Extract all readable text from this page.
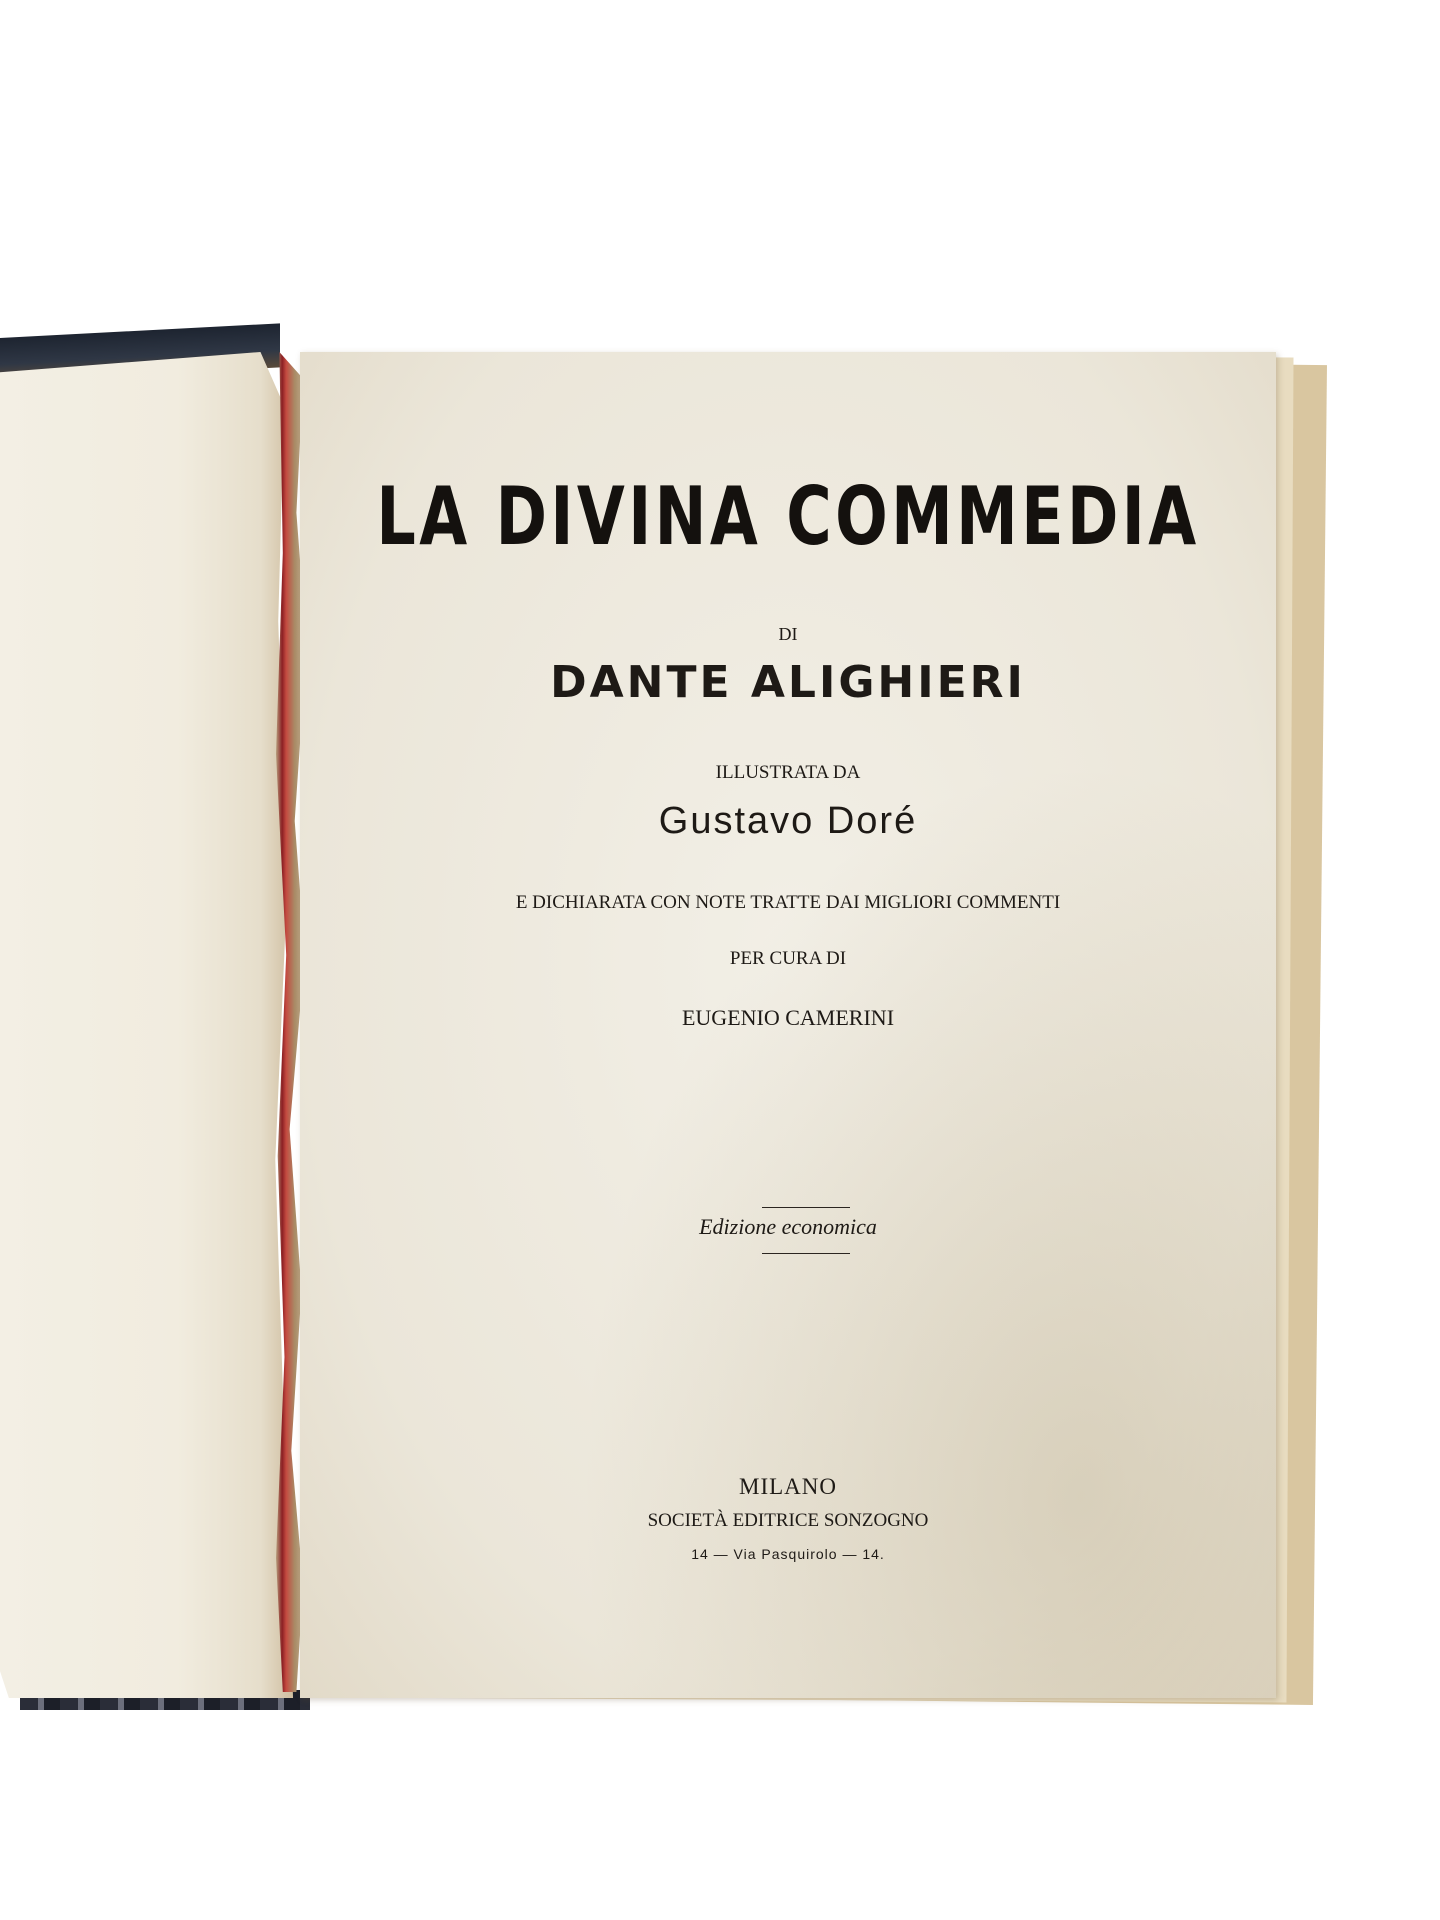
LA DIVINA COMMEDIA
DI
DANTE ALIGHIERI
ILLUSTRATA DA
Gustavo Doré
E DICHIARATA CON NOTE TRATTE DAI MIGLIORI COMMENTI
PER CURA DI
EUGENIO CAMERINI
Edizione economica
MILANO
SOCIETÀ EDITRICE SONZOGNO
14 — Via Pasquirolo — 14.
